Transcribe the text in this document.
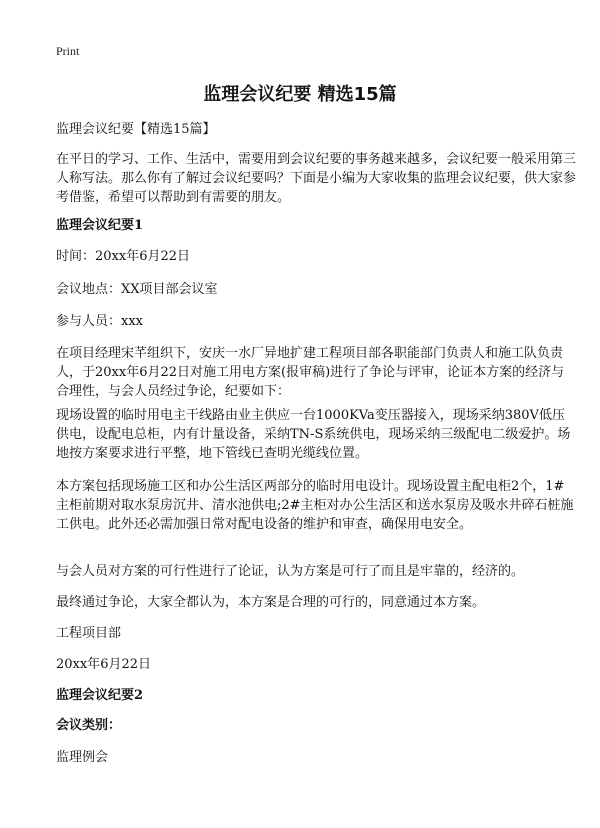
Print
监理会议纪要 精选15篇

监理会议纪要【精选15篇】

在平日的学习、工作、生活中，需要用到会议纪要的事务越来越多，会议纪要一般采用第三人称写法。那么你有了解过会议纪要吗？下面是小编为大家收集的监理会议纪要，供大家参考借鉴，希望可以帮助到有需要的朋友。

监理会议纪要1

时间：20xx年6月22日

会议地点：XX项目部会议室

参与人员：xxx

在项目经理宋芊组织下，安庆一水厂异地扩建工程项目部各职能部门负责人和施工队负责人，于20xx年6月22日对施工用电方案(报审稿)进行了争论与评审，论证本方案的经济与合理性，与会人员经过争论，纪要如下：

现场设置的临时用电主干线路由业主供应一台1000KVa变压器接入，现场采纳380V低压供电，设配电总柜，内有计量设备，采纳TN-S系统供电，现场采纳三级配电二级爱护。场地按方案要求进行平整，地下管线已查明光缆线位置。

本方案包括现场施工区和办公生活区两部分的临时用电设计。现场设置主配电柜2个，1#主柜前期对取水泵房沉井、清水池供电;2#主柜对办公生活区和送水泵房及吸水井碎石桩施工供电。此外还必需加强日常对配电设备的维护和审查，确保用电安全。

与会人员对方案的可行性进行了论证，认为方案是可行了而且是牢靠的，经济的。

最终通过争论，大家全都认为，本方案是合理的可行的，同意通过本方案。

工程项目部

20xx年6月22日

监理会议纪要2

会议类别：

监理例会
